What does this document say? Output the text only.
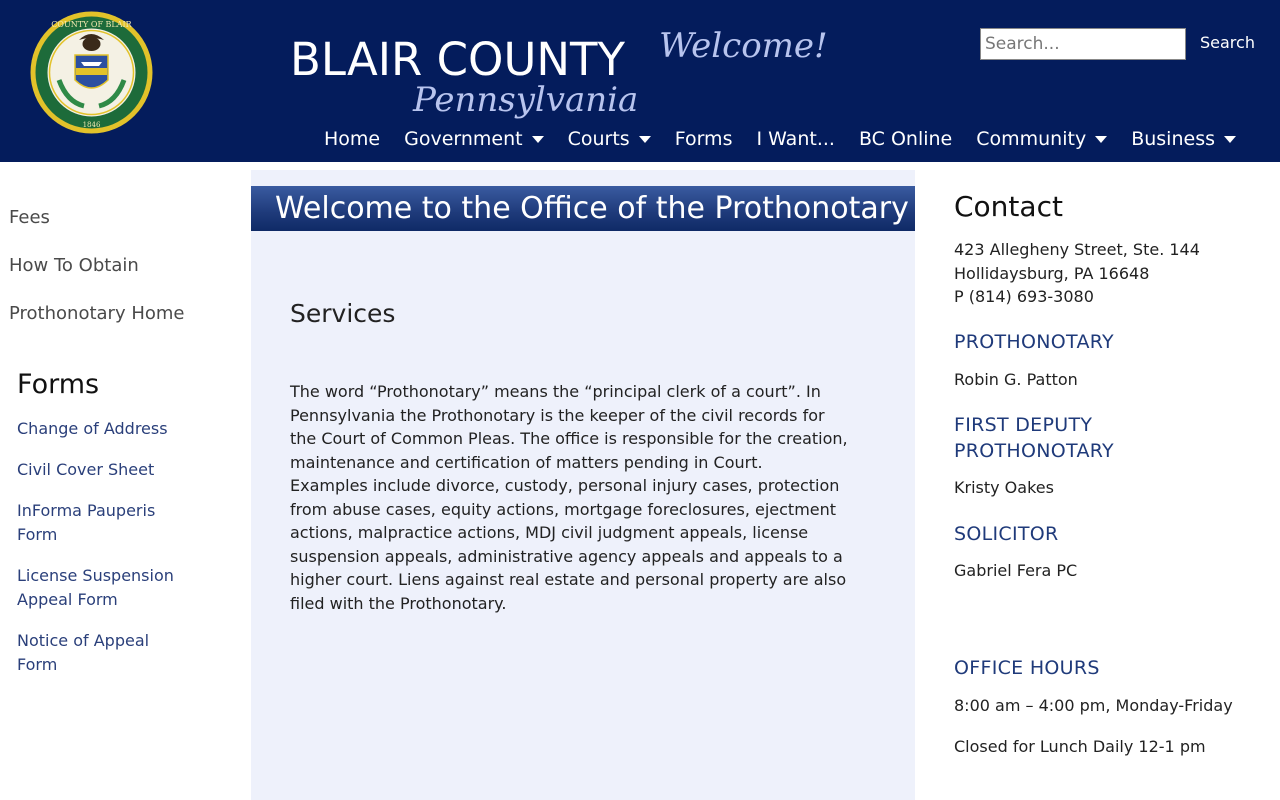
COUNTY OF BLAIR
1846
BLAIR COUNTY
Pennsylvania
Welcome!
Search...	Search
Home Government Courts Forms I Want... BC Online Community Business
Fees
How To Obtain
Prothonotary Home
Forms
Change of Address
Civil Cover Sheet
InForma Pauperis Form
License Suspension Appeal Form
Notice of Appeal Form
Welcome to the Office of the Prothonotary
Services
The word “Prothonotary” means the “principal clerk of a court”. In Pennsylvania the Prothonotary is the keeper of the civil records for the Court of Common Pleas. The office is responsible for the creation, maintenance and certification of matters pending in Court.  Examples include divorce, custody, personal injury cases, protection from abuse cases, equity actions, mortgage foreclosures, ejectment actions, malpractice actions, MDJ civil judgment appeals, license suspension appeals, administrative agency appeals and appeals to a higher court. Liens against real estate and personal property are also filed with the Prothonotary.
Contact
423 Allegheny Street, Ste. 144
Hollidaysburg, PA 16648
P (814) 693-3080
PROTHONOTARY
Robin G. Patton
FIRST DEPUTY
PROTHONOTARY
Kristy Oakes
SOLICITOR
Gabriel Fera PC
OFFICE HOURS
8:00 am – 4:00 pm, Monday-Friday
Closed for Lunch Daily 12-1 pm
